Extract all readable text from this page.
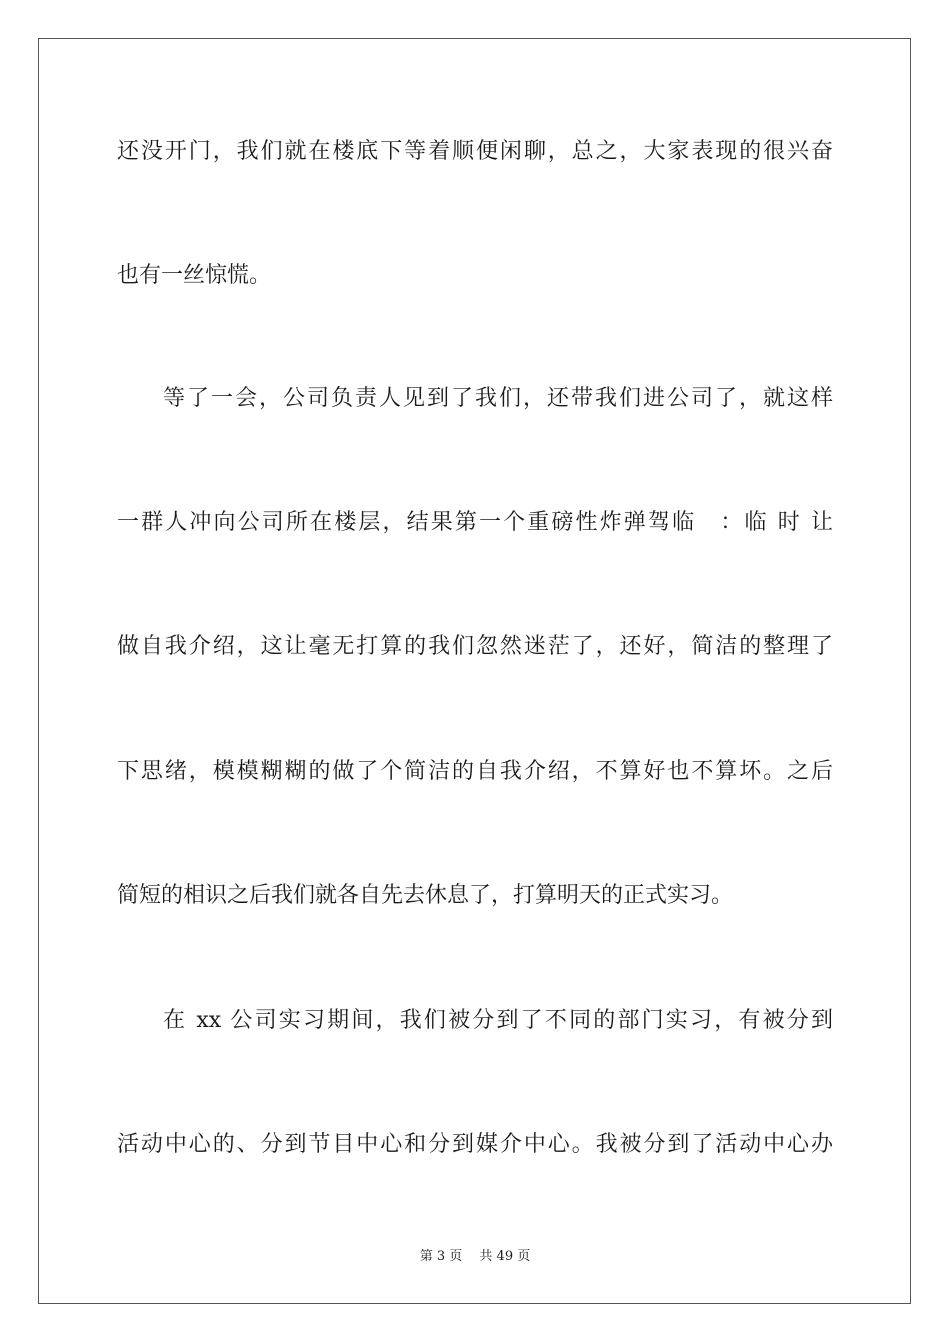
还没开门，我们就在楼底下等着顺便闲聊，总之，大家表现的很兴奋
也有一丝惊慌。
等了一会，公司负责人见到了我们，还带我们进公司了，就这样
一群人冲向公司所在楼层，结果第一个重磅性炸弹驾临　：临 时 让
做自我介绍，这让毫无打算的我们忽然迷茫了，还好，简洁的整理了
下思绪，模模糊糊的做了个简洁的自我介绍，不算好也不算坏。之后
简短的相识之后我们就各自先去休息了，打算明天的正式实习。
在 xx 公司实习期间，我们被分到了不同的部门实习，有被分到
活动中心的、分到节目中心和分到媒介中心。我被分到了活动中心办
第 3 页　 共 49 页
